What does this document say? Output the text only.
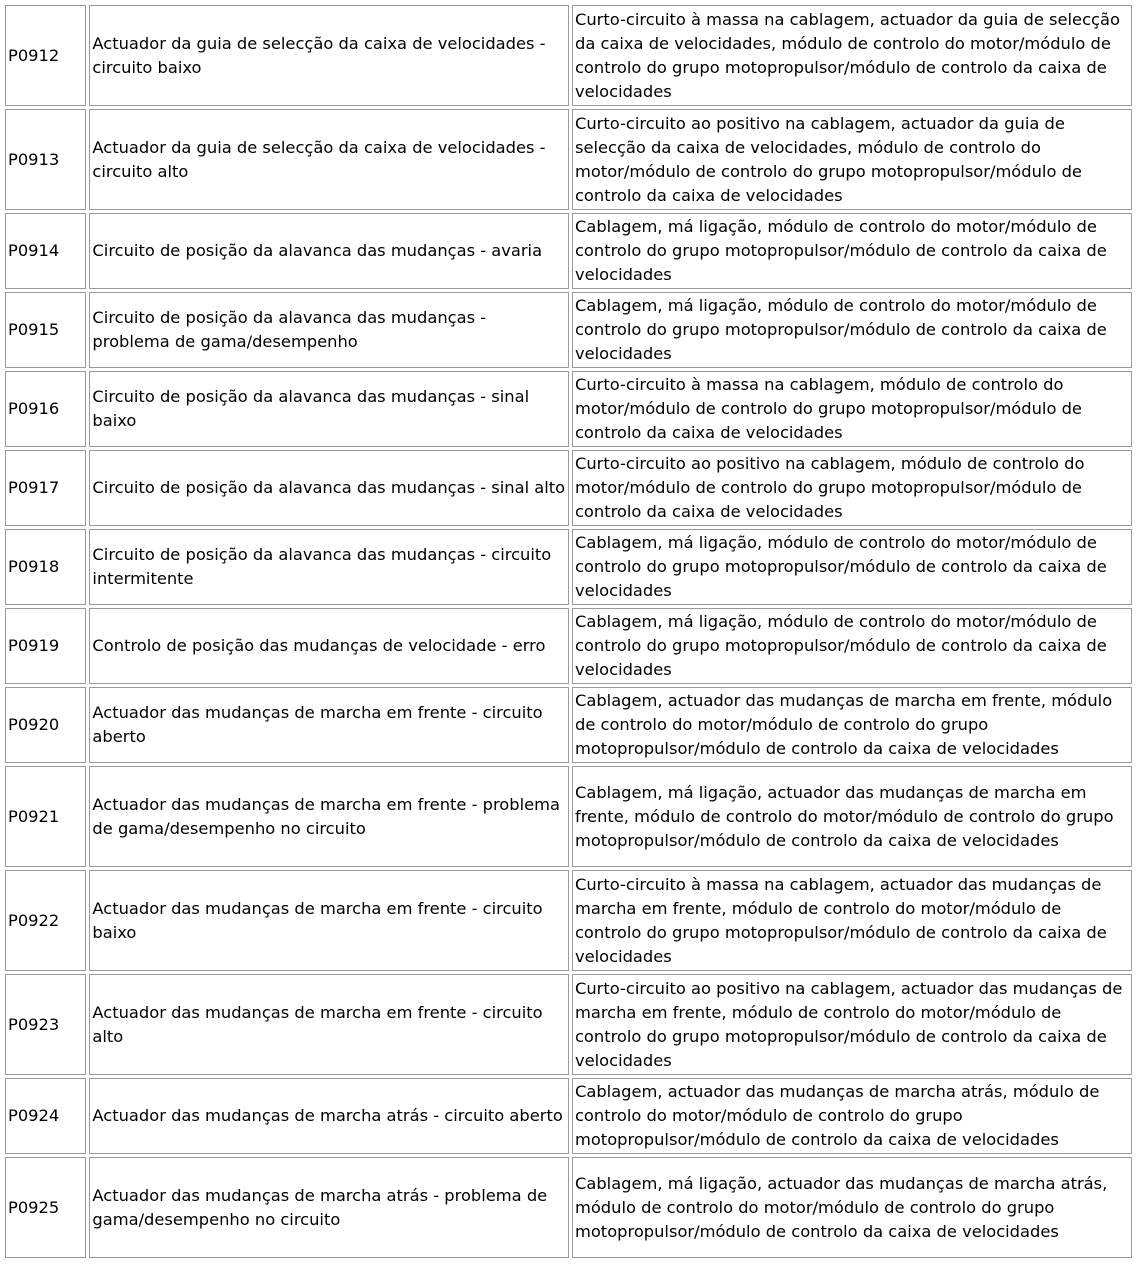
P0912	Actuador da guia de selecção da caixa de velocidades - circuito baixo	Curto-circuito à massa na cablagem, actuador da guia de selecção da caixa de velocidades, módulo de controlo do motor/módulo de controlo do grupo motopropulsor/módulo de controlo da caixa de velocidades
P0913	Actuador da guia de selecção da caixa de velocidades - circuito alto	Curto-circuito ao positivo na cablagem, actuador da guia de selecção da caixa de velocidades, módulo de controlo do motor/módulo de controlo do grupo motopropulsor/módulo de controlo da caixa de velocidades
P0914	Circuito de posição da alavanca das mudanças - avaria	Cablagem, má ligação, módulo de controlo do motor/módulo de controlo do grupo motopropulsor/módulo de controlo da caixa de velocidades
P0915	Circuito de posição da alavanca das mudanças - problema de gama/desempenho	Cablagem, má ligação, módulo de controlo do motor/módulo de controlo do grupo motopropulsor/módulo de controlo da caixa de velocidades
P0916	Circuito de posição da alavanca das mudanças - sinal baixo	Curto-circuito à massa na cablagem, módulo de controlo do motor/módulo de controlo do grupo motopropulsor/módulo de controlo da caixa de velocidades
P0917	Circuito de posição da alavanca das mudanças - sinal alto	Curto-circuito ao positivo na cablagem, módulo de controlo do motor/módulo de controlo do grupo motopropulsor/módulo de controlo da caixa de velocidades
P0918	Circuito de posição da alavanca das mudanças - circuito intermitente	Cablagem, má ligação, módulo de controlo do motor/módulo de controlo do grupo motopropulsor/módulo de controlo da caixa de velocidades
P0919	Controlo de posição das mudanças de velocidade - erro	Cablagem, má ligação, módulo de controlo do motor/módulo de controlo do grupo motopropulsor/módulo de controlo da caixa de velocidades
P0920	Actuador das mudanças de marcha em frente - circuito aberto	Cablagem, actuador das mudanças de marcha em frente, módulo de controlo do motor/módulo de controlo do grupo motopropulsor/módulo de controlo da caixa de velocidades
P0921	Actuador das mudanças de marcha em frente - problema de gama/desempenho no circuito	Cablagem, má ligação, actuador das mudanças de marcha em frente, módulo de controlo do motor/módulo de controlo do grupo motopropulsor/módulo de controlo da caixa de velocidades
P0922	Actuador das mudanças de marcha em frente - circuito baixo	Curto-circuito à massa na cablagem, actuador das mudanças de marcha em frente, módulo de controlo do motor/módulo de controlo do grupo motopropulsor/módulo de controlo da caixa de velocidades
P0923	Actuador das mudanças de marcha em frente - circuito alto	Curto-circuito ao positivo na cablagem, actuador das mudanças de marcha em frente, módulo de controlo do motor/módulo de controlo do grupo motopropulsor/módulo de controlo da caixa de velocidades
P0924	Actuador das mudanças de marcha atrás - circuito aberto	Cablagem, actuador das mudanças de marcha atrás, módulo de controlo do motor/módulo de controlo do grupo motopropulsor/módulo de controlo da caixa de velocidades
P0925	Actuador das mudanças de marcha atrás - problema de gama/desempenho no circuito	Cablagem, má ligação, actuador das mudanças de marcha atrás, módulo de controlo do motor/módulo de controlo do grupo motopropulsor/módulo de controlo da caixa de velocidades
